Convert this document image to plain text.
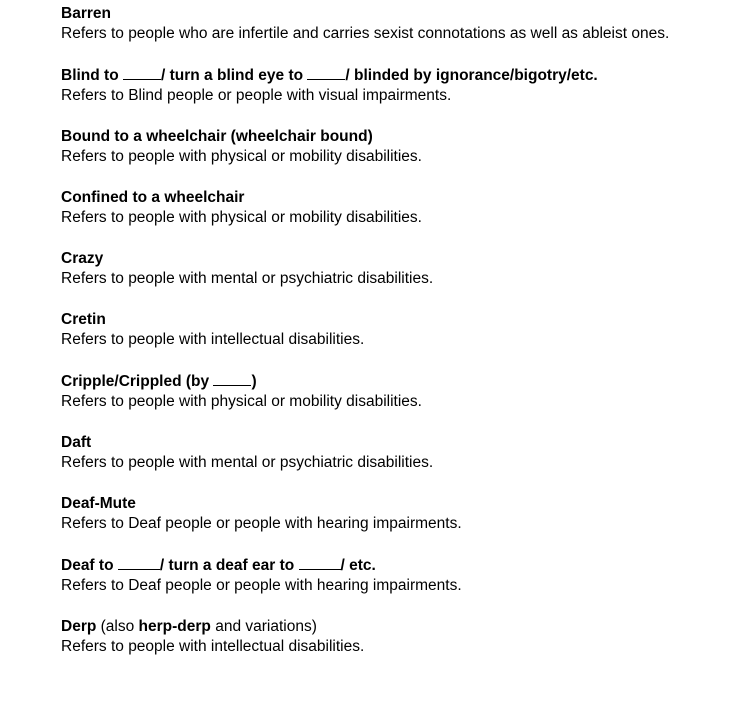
Barren
Refers to people who are infertile and carries sexist connotations as well as ableist ones.
Blind to / turn a blind eye to / blinded by ignorance/bigotry/etc.
Refers to Blind people or people with visual impairments.
Bound to a wheelchair (wheelchair bound)
Refers to people with physical or mobility disabilities.
Confined to a wheelchair
Refers to people with physical or mobility disabilities.
Crazy
Refers to people with mental or psychiatric disabilities.
Cretin
Refers to people with intellectual disabilities.
Cripple/Crippled (by )
Refers to people with physical or mobility disabilities.
Daft
Refers to people with mental or psychiatric disabilities.
Deaf-Mute
Refers to Deaf people or people with hearing impairments.
Deaf to	/ turn a deaf ear to	/ etc.
Refers to Deaf people or people with hearing impairments.
Derp (also herp-derp and variations)
Refers to people with intellectual disabilities.
